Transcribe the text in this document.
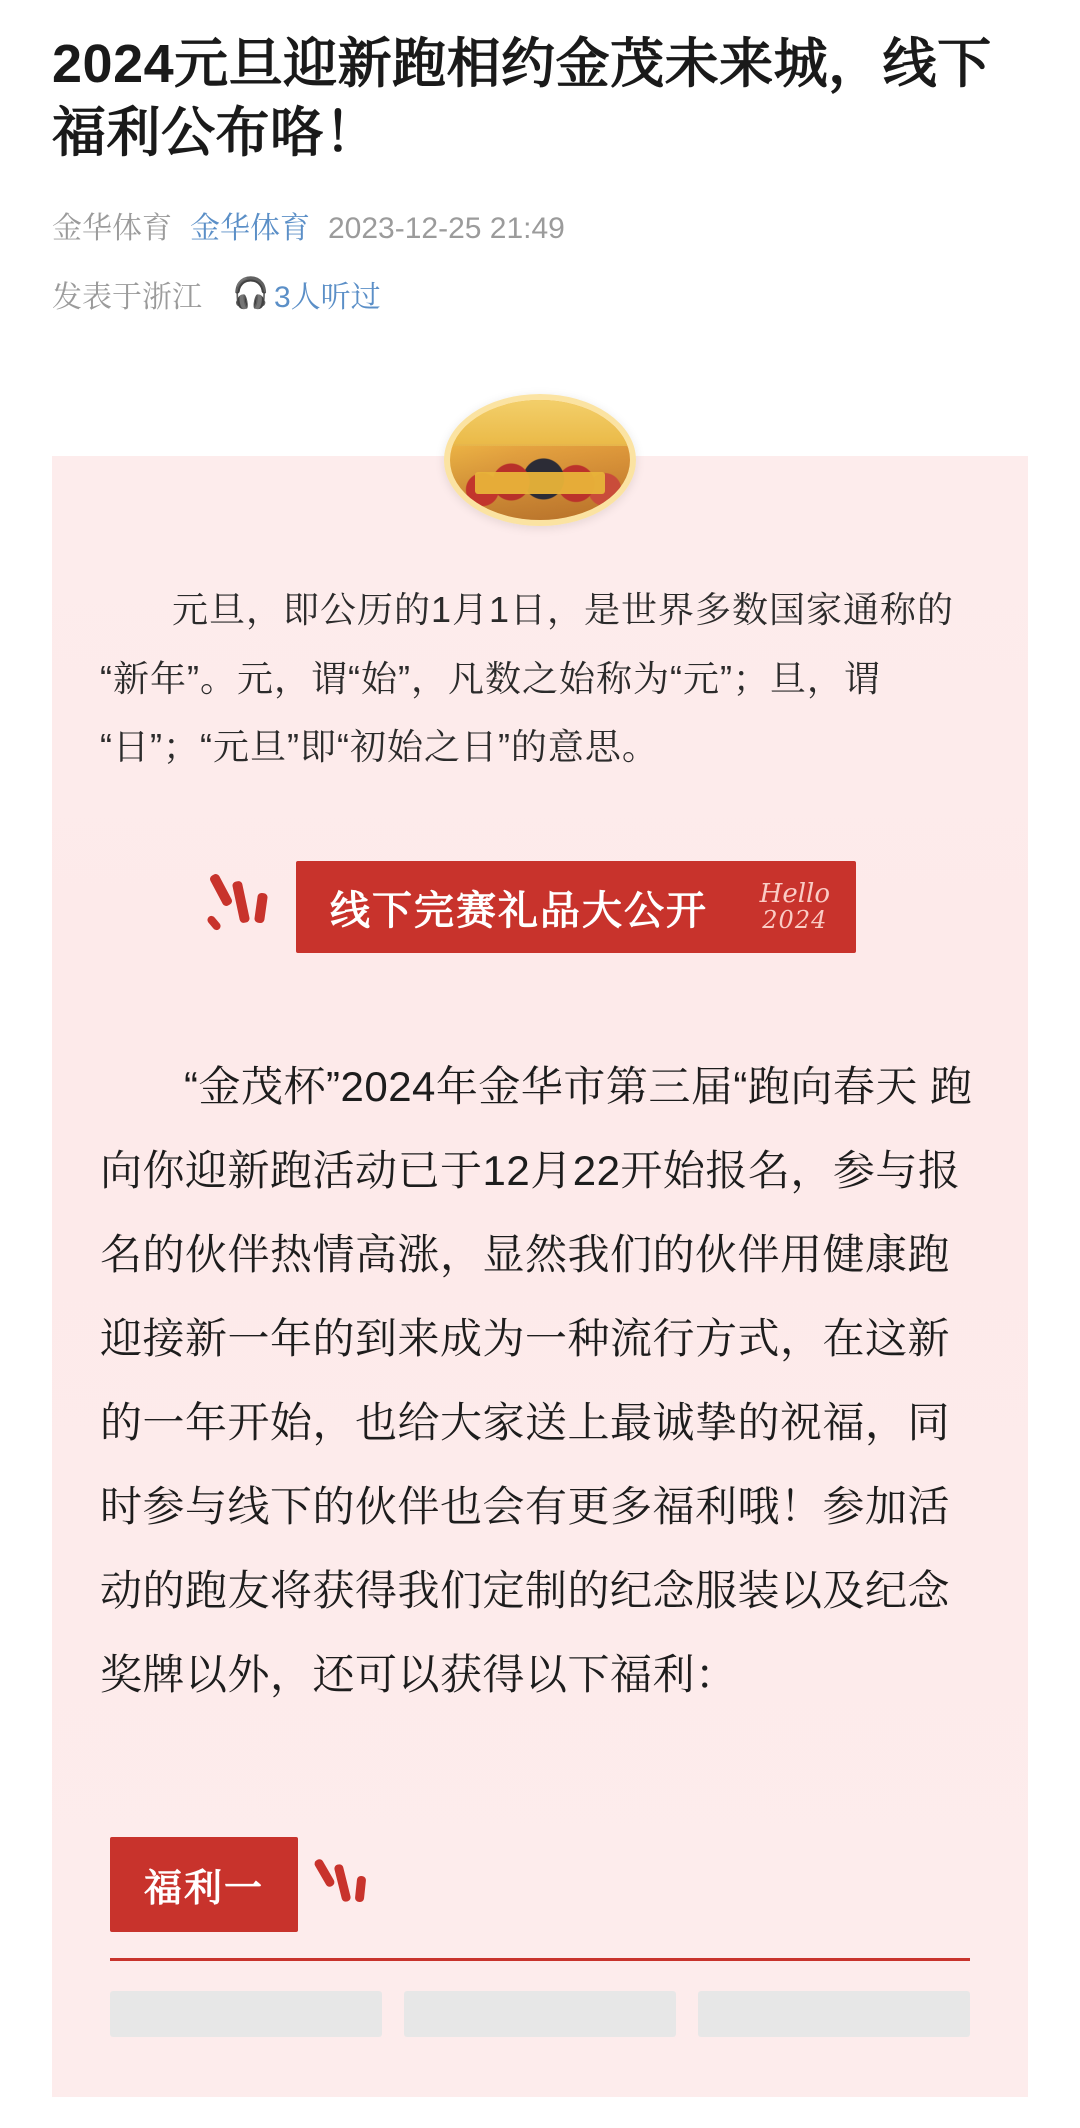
2024元旦迎新跑相约金茂未来城，线下福利公布咯！
金华体育 金华体育 2023-12-25 21:49
发表于浙江 🎧 3人听过

元旦，即公历的1月1日，是世界多数国家通称的“新年”。元，谓“始”，凡数之始称为“元”；旦，谓“日”；“元旦”即“初始之日”的意思。

线下完赛礼品大公开 Hello
2024

“金茂杯”2024年金华市第三届“跑向春天 跑向你迎新跑活动已于12月22开始报名，参与报名的伙伴热情高涨，显然我们的伙伴用健康跑迎接新一年的到来成为一种流行方式，在这新的一年开始，也给大家送上最诚挚的祝福，同时参与线下的伙伴也会有更多福利哦！参加活动的跑友将获得我们定制的纪念服装以及纪念奖牌以外，还可以获得以下福利：

福利一
